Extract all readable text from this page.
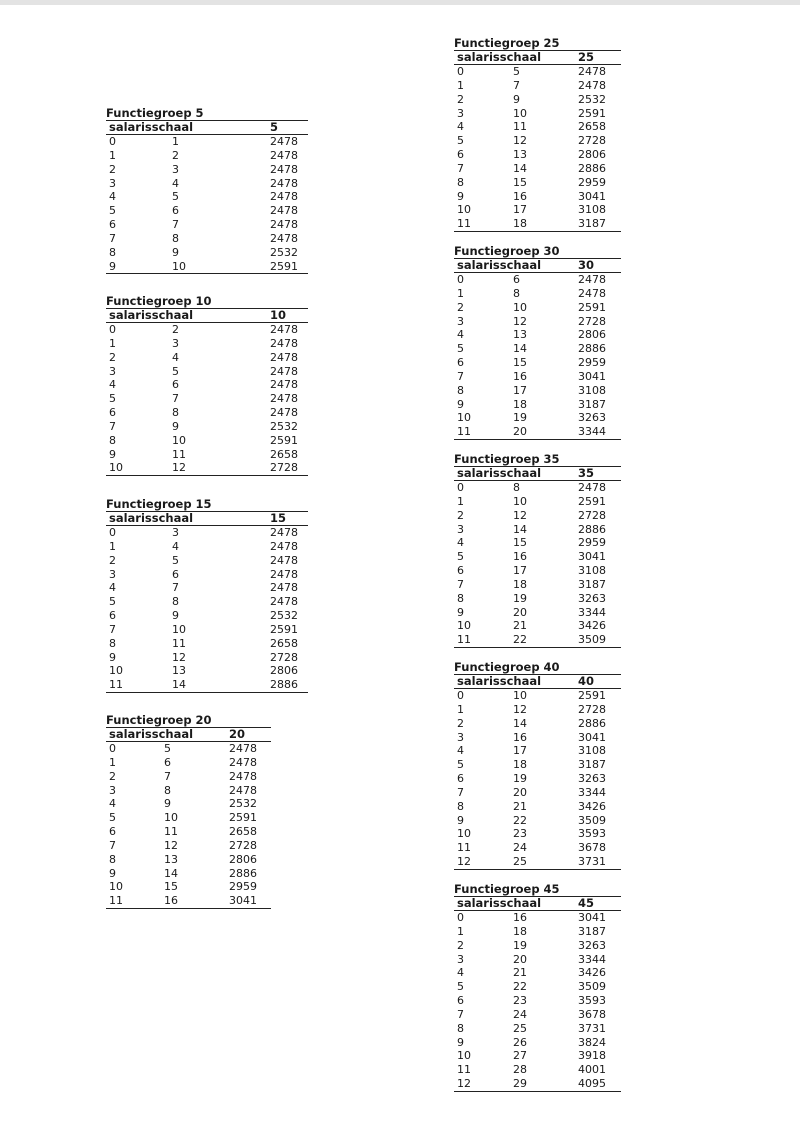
Functiegroep 5
salarisschaal	5
0	1	2478
1	2	2478
2	3	2478
3	4	2478
4	5	2478
5	6	2478
6	7	2478
7	8	2478
8	9	2532
9	10	2591
Functiegroep 10
salarisschaal	10
0	2	2478
1	3	2478
2	4	2478
3	5	2478
4	6	2478
5	7	2478
6	8	2478
7	9	2532
8	10	2591
9	11	2658
10	12	2728
Functiegroep 15
salarisschaal	15
0	3	2478
1	4	2478
2	5	2478
3	6	2478
4	7	2478
5	8	2478
6	9	2532
7	10	2591
8	11	2658
9	12	2728
10	13	2806
11	14	2886
Functiegroep 20
salarisschaal	20
0	5	2478
1	6	2478
2	7	2478
3	8	2478
4	9	2532
5	10	2591
6	11	2658
7	12	2728
8	13	2806
9	14	2886
10	15	2959
11	16	3041
Functiegroep 25
salarisschaal	25
0	5	2478
1	7	2478
2	9	2532
3	10	2591
4	11	2658
5	12	2728
6	13	2806
7	14	2886
8	15	2959
9	16	3041
10	17	3108
11	18	3187
Functiegroep 30
salarisschaal	30
0	6	2478
1	8	2478
2	10	2591
3	12	2728
4	13	2806
5	14	2886
6	15	2959
7	16	3041
8	17	3108
9	18	3187
10	19	3263
11	20	3344
Functiegroep 35
salarisschaal	35
0	8	2478
1	10	2591
2	12	2728
3	14	2886
4	15	2959
5	16	3041
6	17	3108
7	18	3187
8	19	3263
9	20	3344
10	21	3426
11	22	3509
Functiegroep 40
salarisschaal	40
0	10	2591
1	12	2728
2	14	2886
3	16	3041
4	17	3108
5	18	3187
6	19	3263
7	20	3344
8	21	3426
9	22	3509
10	23	3593
11	24	3678
12	25	3731
Functiegroep 45
salarisschaal	45
0	16	3041
1	18	3187
2	19	3263
3	20	3344
4	21	3426
5	22	3509
6	23	3593
7	24	3678
8	25	3731
9	26	3824
10	27	3918
11	28	4001
12	29	4095
